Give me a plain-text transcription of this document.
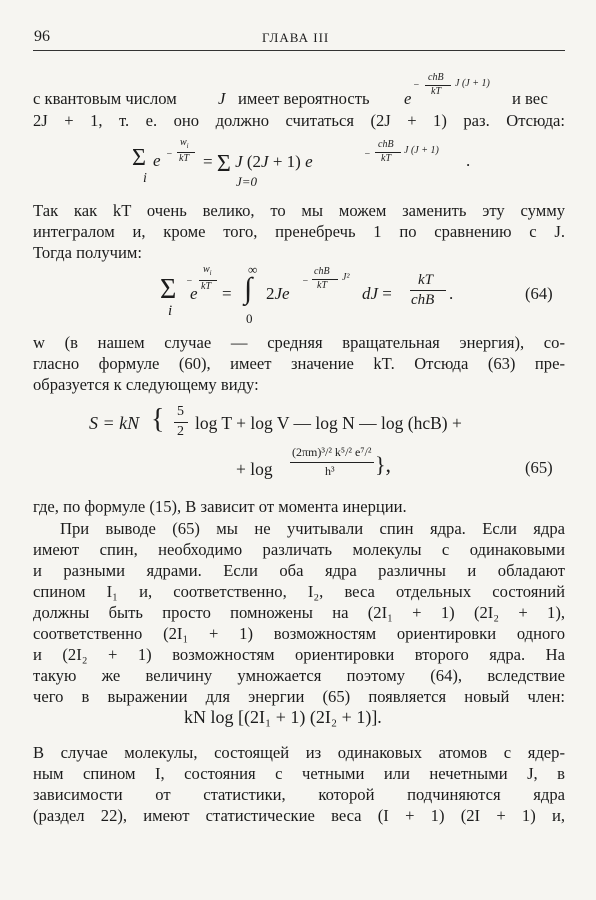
96	ГЛАВА III
с квантовым числом J имеет вероятность e
−
chB
kT
J (J + 1)
и вес
2J + 1, т. е. оно должно считаться (2J + 1) раз. Отсюда:
Σ e −
$w_i$
kT
i
= Σ J (2J + 1) e
J=0
−
chB
kT
J (J + 1)
.
Так как kT очень велико, то мы можем заменить эту сумму
интегралом и, кроме того, пренебречь 1 по сравнению с J.
Тогда получим:
Σ e
−
$w_i$
kT
i
= ∫
∞
0
2Je
−
chB
kT
J²
dJ =
kT
chB .	(64)
w (в нашем случае — средняя вращательная энергия), со-
гласно формуле (60), имеет значение kT. Отсюда (63) пре-
образуется к следующему виду:
S = kN { 5
2 log T + log V — log N — log (hcB) +
+ log
(2πm)³/² k⁵/² e⁷/²
h³ },	(65)
где, по формуле (15), B зависит от момента инерции.
При выводе (65) мы не учитывали спин ядра. Если ядра
имеют спин, необходимо различать молекулы с одинаковыми
и разными ядрами. Если оба ядра различны и обладают
спином I₁ и, соответственно, I₂, веса отдельных состояний
должны быть просто помножены на (2I₁ + 1) (2I₂ + 1),
соответственно (2I₁ + 1) возможностям ориентировки одного
и (2I₂ + 1) возможностям ориентировки второго ядра. На
такую же величину умножается поэтому (64), вследствие
чего в выражении для энергии (65) появляется новый член:
kN log [(2I₁ + 1) (2I₂ + 1)].
В случае молекулы, состоящей из одинаковых атомов с ядер-
ным спином I, состояния с четными или нечетными J, в
зависимости от статистики, которой подчиняются ядра
(раздел 22), имеют статистические веса (I + 1) (2I + 1) и,
